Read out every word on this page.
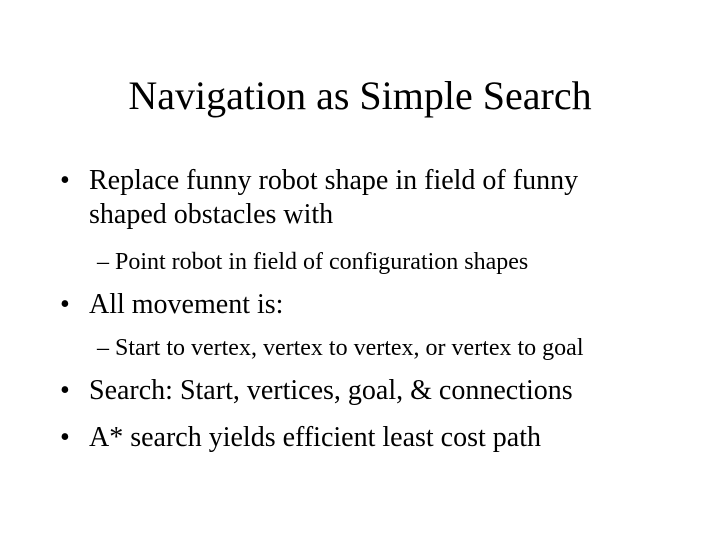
Navigation as Simple Search
• Replace funny robot shape in field of funny
shaped obstacles with
– Point robot in field of configuration shapes
• All movement is:
– Start to vertex, vertex to vertex, or vertex to goal
• Search: Start, vertices, goal, & connections
• A* search yields efficient least cost path
